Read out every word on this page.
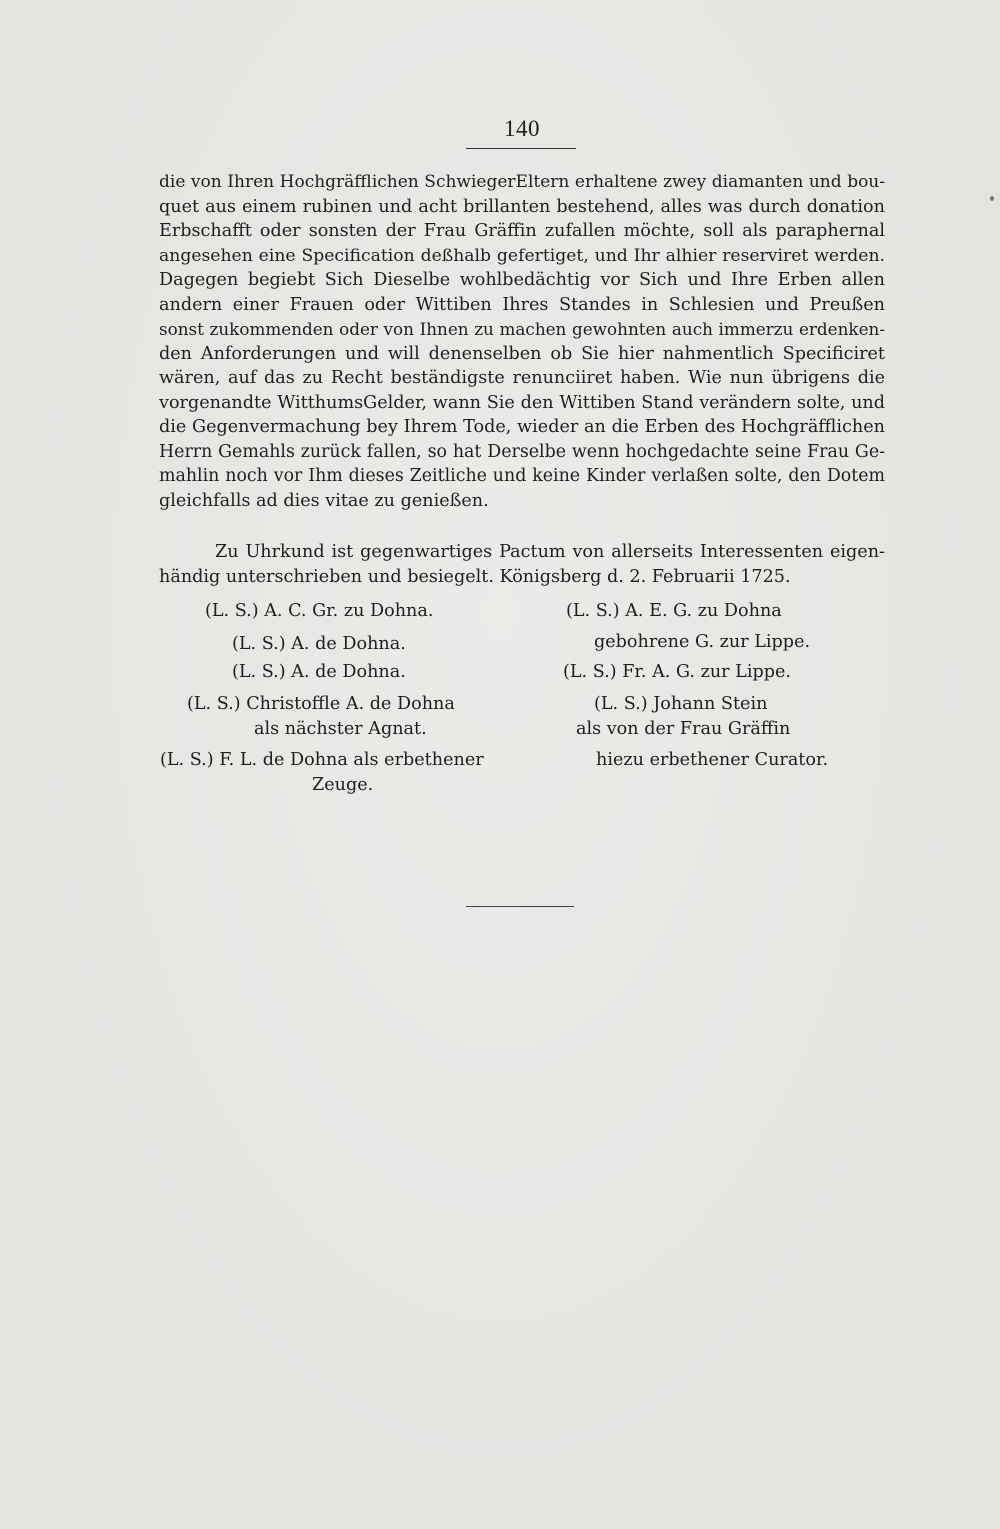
140
die von Ihren Hochgräfflichen SchwiegerEltern erhaltene zwey diamanten und bou-
quet aus einem rubinen und acht brillanten bestehend, alles was durch donation
Erbschafft oder sonsten der Frau Gräffin zufallen möchte, soll als paraphernal
angesehen eine Specification deßhalb gefertiget, und Ihr alhier reserviret werden.
Dagegen begiebt Sich Dieselbe wohlbedächtig vor Sich und Ihre Erben allen
andern einer Frauen oder Wittiben Ihres Standes in Schlesien und Preußen
sonst zukommenden oder von Ihnen zu machen gewohnten auch immerzu erdenken-
den Anforderungen und will denenselben ob Sie hier nahmentlich Specificiret
wären, auf das zu Recht beständigste renunciiret haben. Wie nun übrigens die
vorgenandte WitthumsGelder, wann Sie den Wittiben Stand verändern solte, und
die Gegenvermachung bey Ihrem Tode, wieder an die Erben des Hochgräfflichen
Herrn Gemahls zurück fallen, so hat Derselbe wenn hochgedachte seine Frau Ge-
mahlin noch vor Ihm dieses Zeitliche und keine Kinder verlaßen solte, den Dotem
gleichfalls ad dies vitae zu genießen.
Zu Uhrkund ist gegenwartiges Pactum von allerseits Interessenten eigen-
händig unterschrieben und besiegelt. Königsberg d. 2. Februarii 1725.
(L. S.) A. C. Gr. zu Dohna.
(L. S.) A. de Dohna.
(L. S.) A. de Dohna.
(L. S.) Christoffle A. de Dohna
als nächster Agnat.
(L. S.) F. L. de Dohna als erbethener
Zeuge.
(L. S.) A. E. G. zu Dohna
gebohrene G. zur Lippe.
(L. S.) Fr. A. G. zur Lippe.
(L. S.) Johann Stein
als von der Frau Gräffin
hiezu erbethener Curator.
